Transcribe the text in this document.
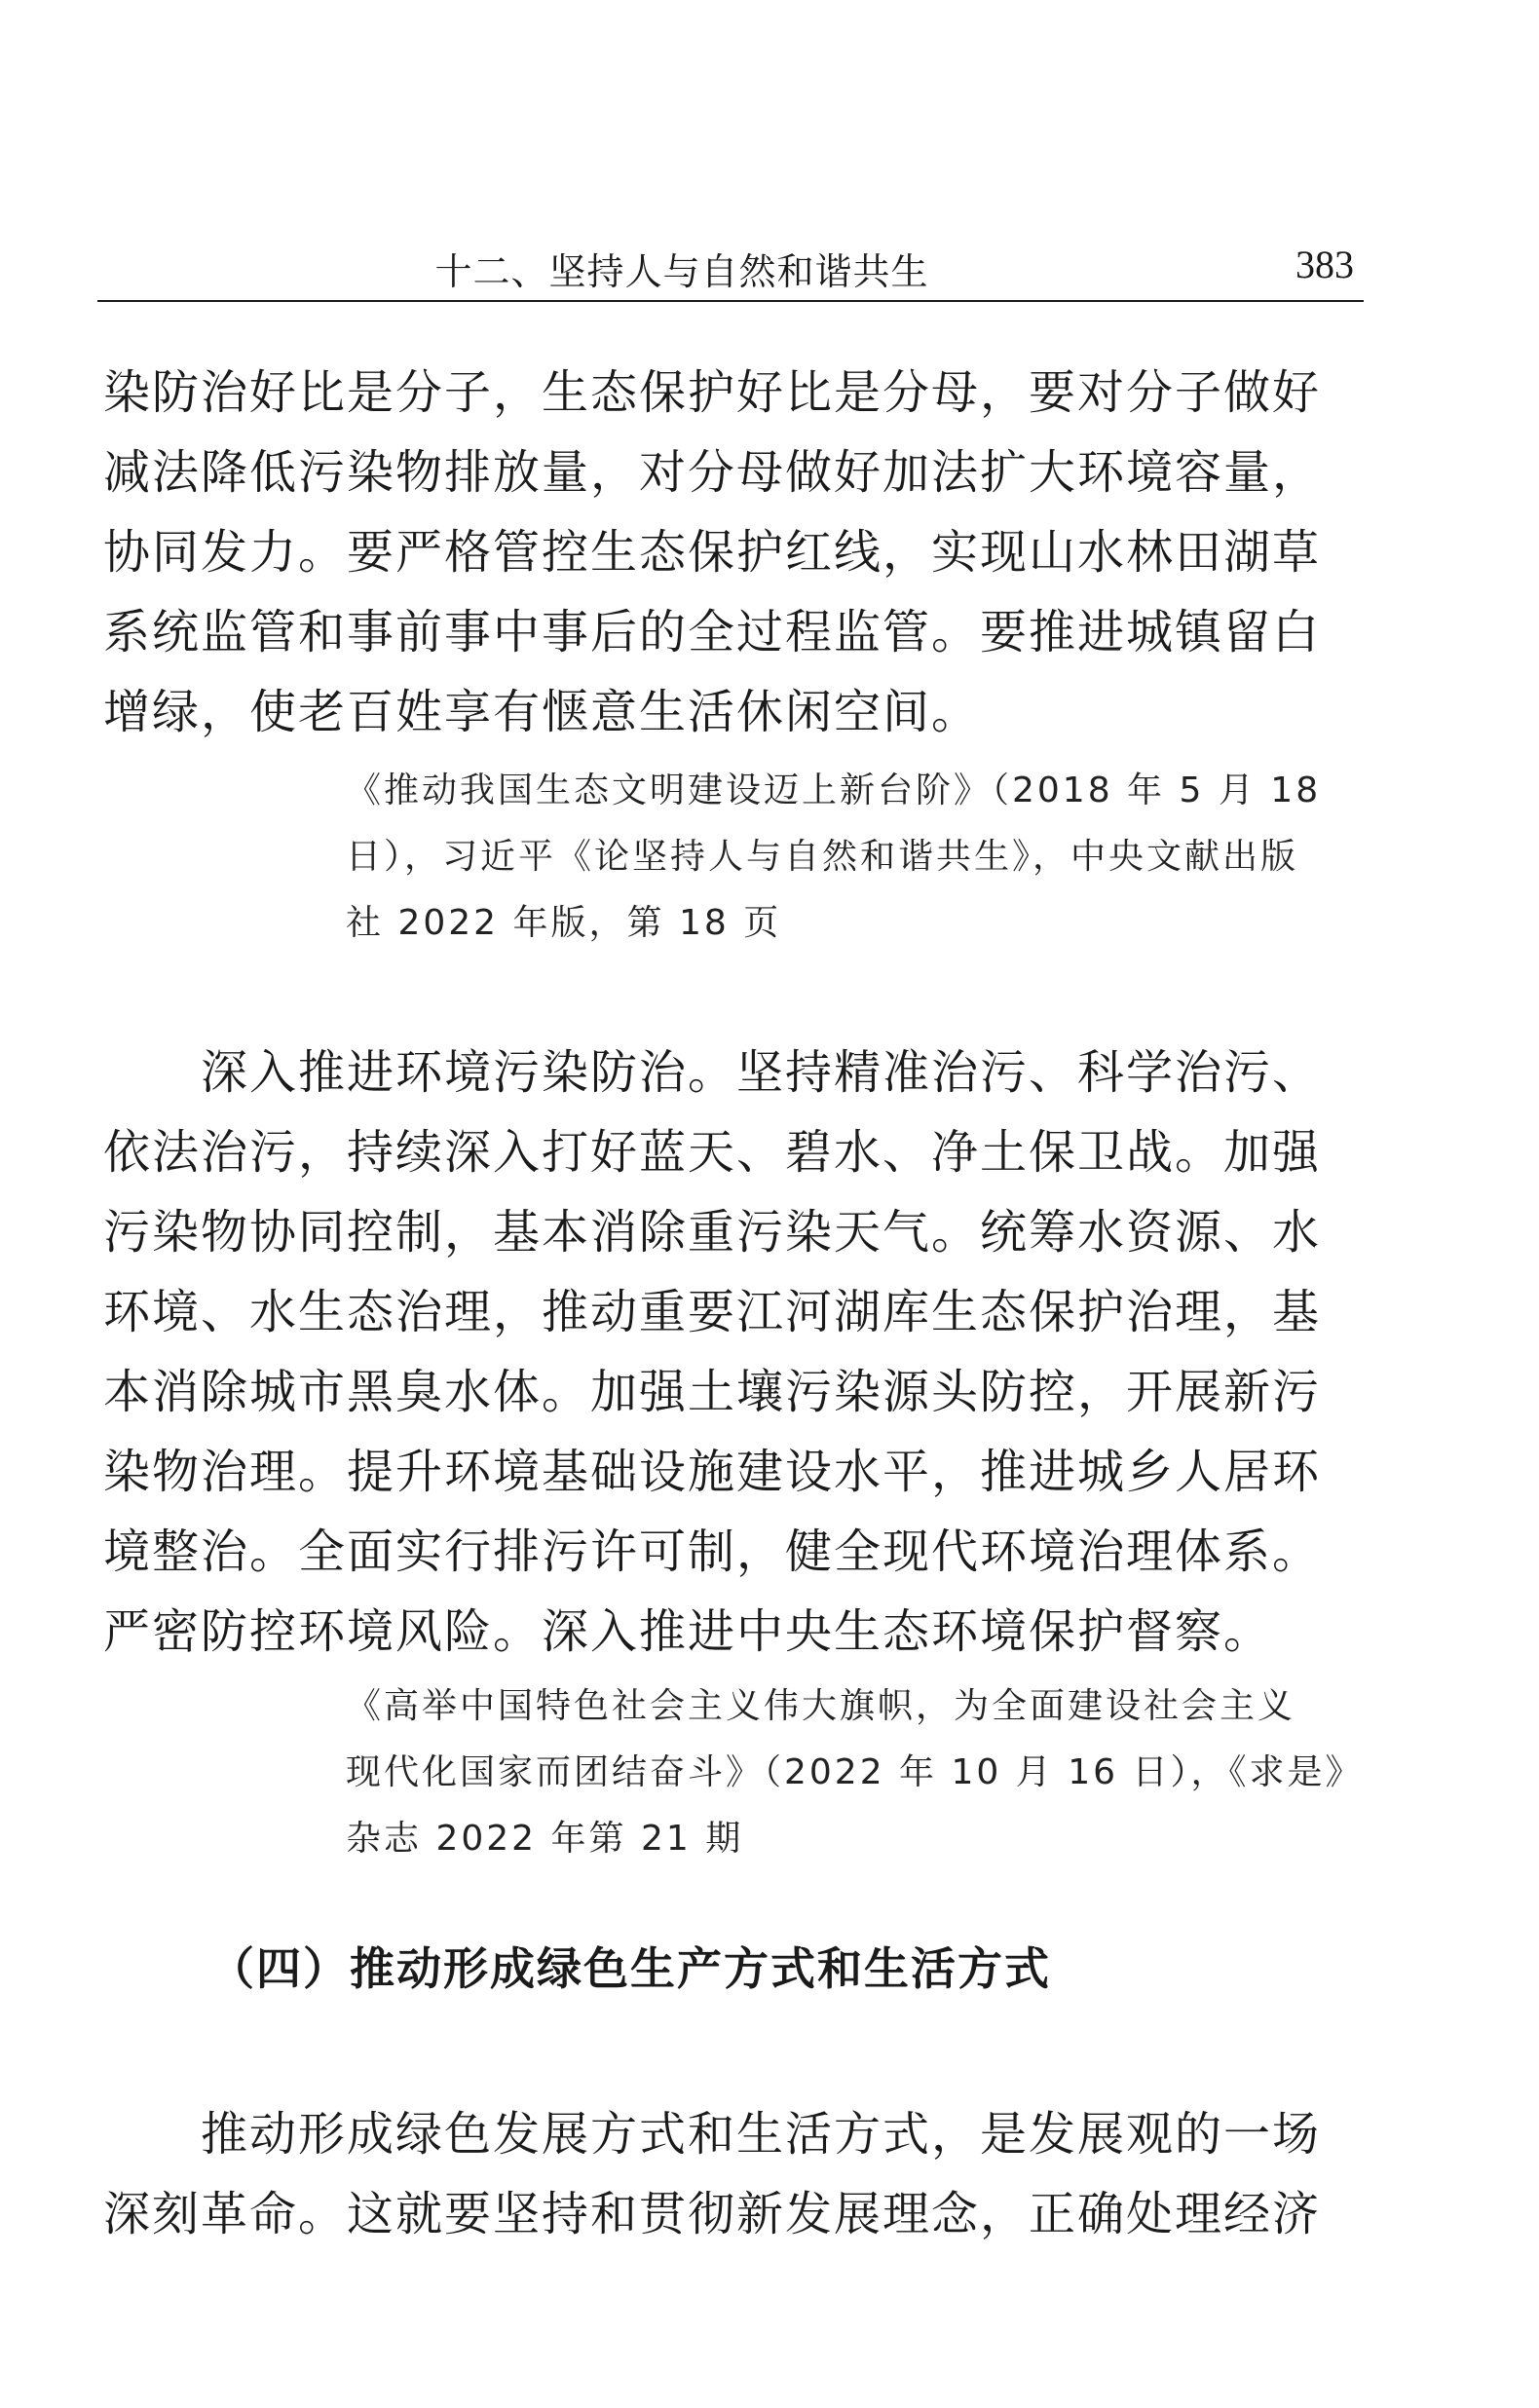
十二、坚持人与自然和谐共生	383
染防治好比是分子，生态保护好比是分母，要对分子做好
减法降低污染物排放量，对分母做好加法扩大环境容量，
协同发力。要严格管控生态保护红线，实现山水林田湖草
系统监管和事前事中事后的全过程监管。要推进城镇留白
增绿，使老百姓享有惬意生活休闲空间。
《推动我国生态文明建设迈上新台阶》（2018 年 5 月 18
日），习近平《论坚持人与自然和谐共生》，中央文献出版
社 2022 年版，第 18 页
深入推进环境污染防治。坚持精准治污、科学治污、
依法治污，持续深入打好蓝天、碧水、净土保卫战。加强
污染物协同控制，基本消除重污染天气。统筹水资源、水
环境、水生态治理，推动重要江河湖库生态保护治理，基
本消除城市黑臭水体。加强土壤污染源头防控，开展新污
染物治理。提升环境基础设施建设水平，推进城乡人居环
境整治。全面实行排污许可制，健全现代环境治理体系。
严密防控环境风险。深入推进中央生态环境保护督察。
《高举中国特色社会主义伟大旗帜，为全面建设社会主义
现代化国家而团结奋斗》（2022 年 10 月 16 日），《求是》
杂志 2022 年第 21 期
（四）推动形成绿色生产方式和生活方式
推动形成绿色发展方式和生活方式，是发展观的一场
深刻革命。这就要坚持和贯彻新发展理念，正确处理经济
